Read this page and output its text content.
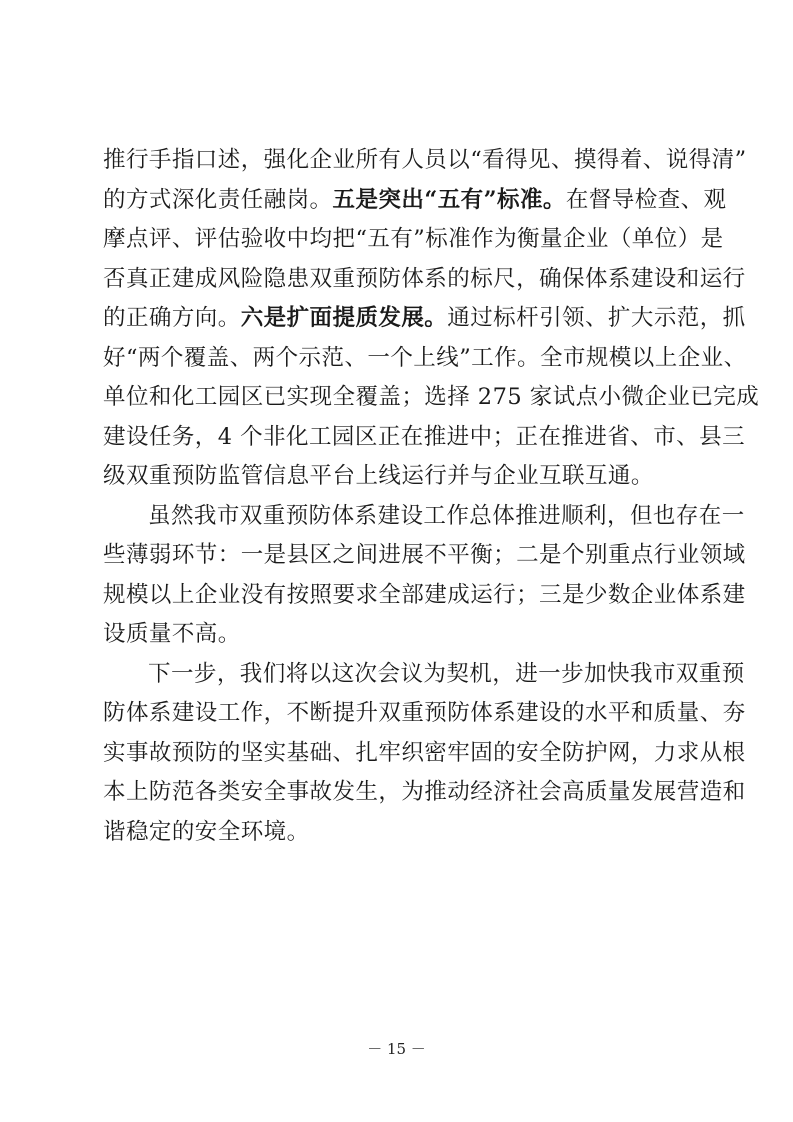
推行手指口述，强化企业所有人员以“看得见、摸得着、说得清”
的方式深化责任融岗。五是突出“五有”标准。在督导检查、观
摩点评、评估验收中均把“五有”标准作为衡量企业（单位）是
否真正建成风险隐患双重预防体系的标尺，确保体系建设和运行
的正确方向。六是扩面提质发展。通过标杆引领、扩大示范，抓
好“两个覆盖、两个示范、一个上线”工作。全市规模以上企业、
单位和化工园区已实现全覆盖；选择 275 家试点小微企业已完成
建设任务，4 个非化工园区正在推进中；正在推进省、市、县三
级双重预防监管信息平台上线运行并与企业互联互通。
虽然我市双重预防体系建设工作总体推进顺利，但也存在一
些薄弱环节：一是县区之间进展不平衡；二是个别重点行业领域
规模以上企业没有按照要求全部建成运行；三是少数企业体系建
设质量不高。
下一步，我们将以这次会议为契机，进一步加快我市双重预
防体系建设工作，不断提升双重预防体系建设的水平和质量、夯
实事故预防的坚实基础、扎牢织密牢固的安全防护网，力求从根
本上防范各类安全事故发生，为推动经济社会高质量发展营造和
谐稳定的安全环境。
－ 15 －
